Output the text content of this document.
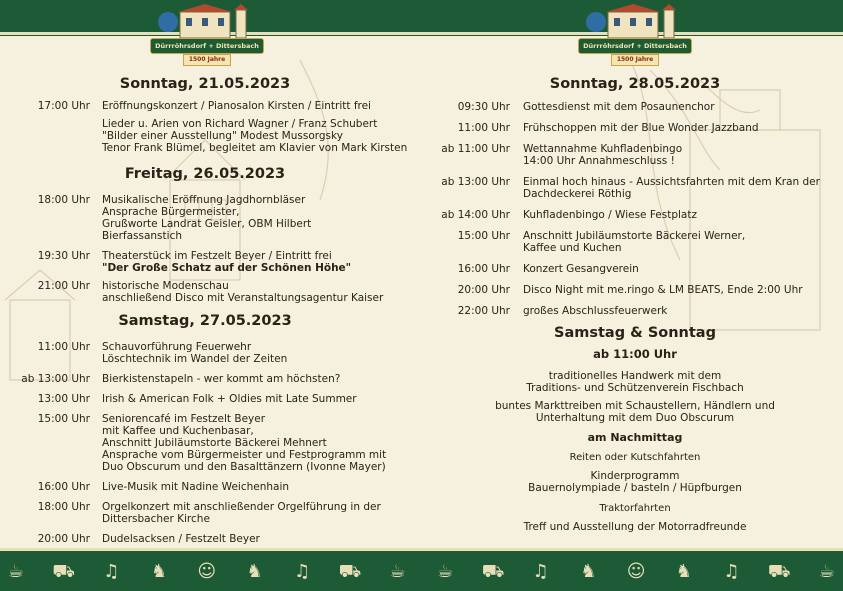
Dürrröhrsdorf + Dittersbach
1500 Jahre
Dürrröhrsdorf + Dittersbach
1500 Jahre
Sonntag, 21.05.2023
17:00 Uhr Eröffnungskonzert / Pianosalon Kirsten / Eintritt frei
Lieder u. Arien von Richard Wagner / Franz Schubert
"Bilder einer Ausstellung" Modest Mussorgsky
Tenor Frank Blümel, begleitet am Klavier von Mark Kirsten
Freitag, 26.05.2023
18:00 Uhr Musikalische Eröffnung Jagdhornbläser
Ansprache Bürgermeister,
Grußworte Landrat Geisler, OBM Hilbert
Bierfassanstich
19:30 Uhr Theaterstück im Festzelt Beyer / Eintritt frei
"Der Große Schatz auf der Schönen Höhe"
21:00 Uhr historische Modenschau
anschließend Disco mit Veranstaltungsagentur Kaiser
Samstag, 27.05.2023
11:00 Uhr Schauvorführung Feuerwehr
Löschtechnik im Wandel der Zeiten
ab 13:00 Uhr Bierkistenstapeln - wer kommt am höchsten?
13:00 Uhr Irish & American Folk + Oldies mit Late Summer
15:00 Uhr Seniorencafé im Festzelt Beyer
mit Kaffee und Kuchenbasar,
Anschnitt Jubiläumstorte Bäckerei Mehnert
Ansprache vom Bürgermeister und Festprogramm mit
Duo Obscurum und den Basalttänzern (Ivonne Mayer)
16:00 Uhr Live-Musik mit Nadine Weichenhain
18:00 Uhr Orgelkonzert mit anschließender Orgelführung in der
Dittersbacher Kirche
20:00 Uhr Dudelsacksen / Festzelt Beyer
Sonntag, 28.05.2023
09:30 Uhr Gottesdienst mit dem Posaunenchor
11:00 Uhr Frühschoppen mit der Blue Wonder Jazzband
ab 11:00 Uhr Wettannahme Kuhfladenbingo
14:00 Uhr Annahmeschluss !
ab 13:00 Uhr Einmal hoch hinaus - Aussichtsfahrten mit dem Kran der
Dachdeckerei Röthig
ab 14:00 Uhr Kuhfladenbingo / Wiese Festplatz
15:00 Uhr Anschnitt Jubiläumstorte Bäckerei Werner,
Kaffee und Kuchen
16:00 Uhr Konzert Gesangverein
20:00 Uhr Disco Night mit me.ringo & LM BEATS, Ende 2:00 Uhr
22:00 Uhr großes Abschlussfeuerwerk
Samstag & Sonntag
ab 11:00 Uhr
traditionelles Handwerk mit dem
Traditions- und Schützenverein Fischbach
buntes Markttreiben mit Schaustellern, Händlern und
Unterhaltung mit dem Duo Obscurum
am Nachmittag
Reiten oder Kutschfahrten
Kinderprogramm
Bauernolympiade / basteln / Hüpfburgen
Traktorfahrten
Treff und Ausstellung der Motorradfreunde
☕ ⛟ ♫ ♞ ☺ ♞ ♫ ⛟ ☕ ☕ ⛟ ♫ ♞ ☺ ♞ ♫ ⛟ ☕
